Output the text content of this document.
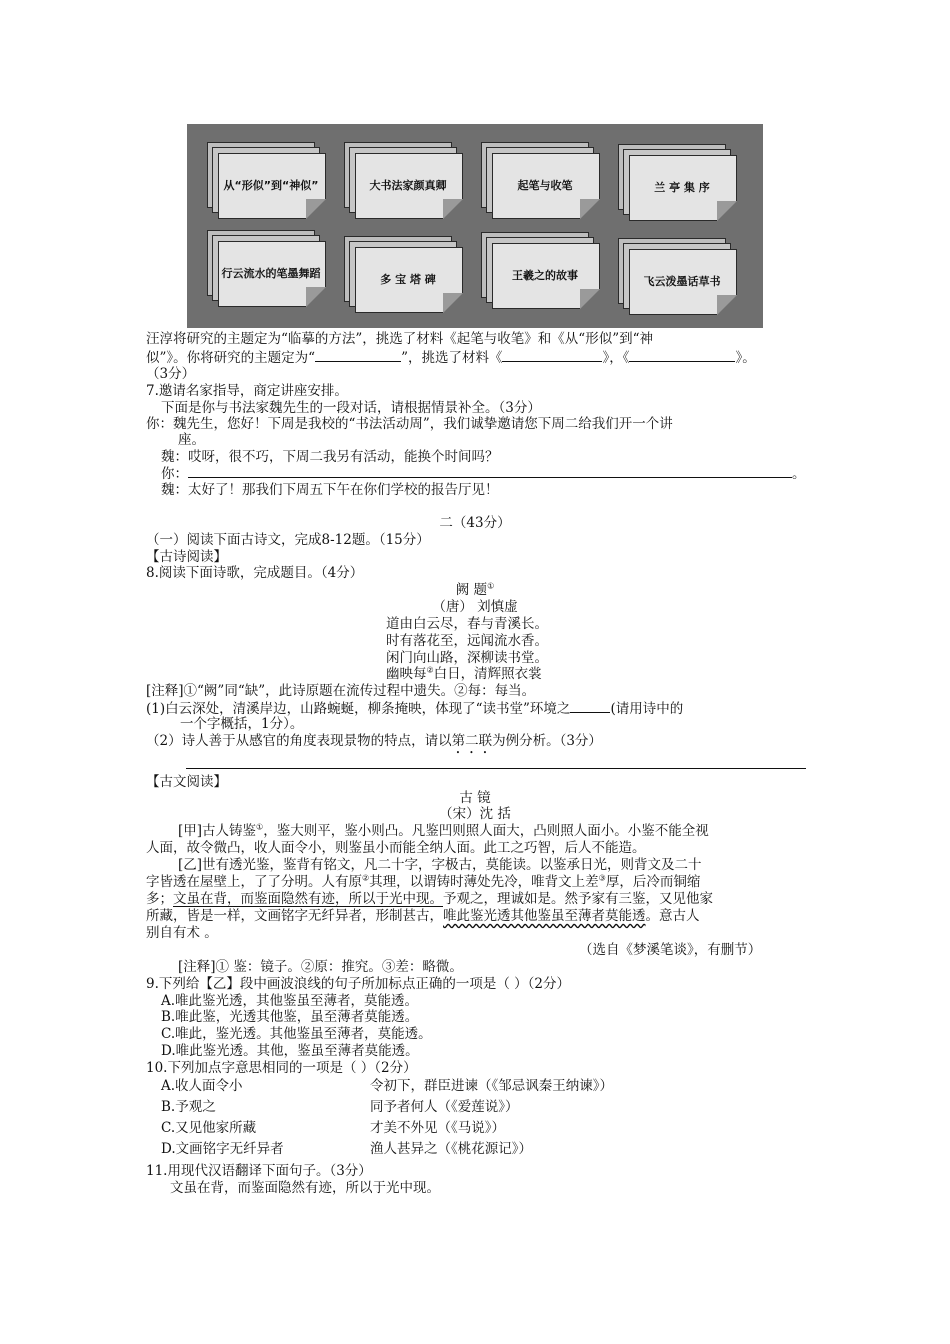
从“形似”到“神似”	大书法家颜真卿	起笔与收笔	兰 亭 集 序
行云流水的笔墨舞蹈	多 宝 塔 碑	王羲之的故事	飞云泼墨话草书
汪淳将研究的主题定为“临摹的方法”，挑选了材料《起笔与收笔》和《从“形似”到“神
似”》。你将研究的主题定为“	”，挑选了材料《	》，《	》。
（3分）
7.邀请名家指导，商定讲座安排。
下面是你与书法家魏先生的一段对话，请根据情景补全。（3分）
你：魏先生，您好！下周是我校的“书法活动周”，我们诚挚邀请您下周二给我们开一个讲
座。
魏：哎呀，很不巧，下周二我另有活动，能换个时间吗？
你：	。
魏：太好了！那我们下周五下午在你们学校的报告厅见！
二（43分）
（一）阅读下面古诗文，完成8-12题。（15分）
【古诗阅读】
8.阅读下面诗歌，完成题目。（4分）
阙 题①
（唐） 刘慎虚
道由白云尽，春与青溪长。
时有落花至，远闻流水香。
闲门向山路，深柳读书堂。
幽映每②白日，清辉照衣裳
[注释]①“阙”同“缺”，此诗原题在流传过程中遗失。②每：每当。
(1)白云深处，清溪岸边，山路蜿蜒，柳条掩映，体现了“读书堂”环境之	(请用诗中的
一个字概括，1分）。
（2）诗人善于从感官的角度表现景物的特点，请以第二联为例分析。（3分）
【古文阅读】
古 镜
（宋）沈 括
[甲]古人铸鉴①，鉴大则平，鉴小则凸。凡鉴凹则照人面大，凸则照人面小。小鉴不能全视
人面，故令微凸，收人面令小，则鉴虽小而能全纳人面。此工之巧智，后人不能造。
[乙]世有透光鉴，鉴背有铭文，凡二十字，字极古，莫能读。以鉴承日光，则背文及二十
字皆透在屋壁上，了了分明。人有原②其理，以谓铸时薄处先冷，唯背文上差③厚，后冷而铜缩
多；文虽在背，而鉴面隐然有迹，所以于光中现。予观之，理诚如是。然予家有三鉴，又见他家
所藏，皆是一样，文画铭字无纤异者，形制甚古，唯此鉴光透其他鉴虽至薄者莫能透。意古人
别自有术 。
（选自《梦溪笔谈》，有删节）
[注释]① 鉴：镜子。②原：推究。③差：略微。
9.下列给【乙】段中画波浪线的句子所加标点正确的一项是（ ）（2分）
A.唯此鉴光透，其他鉴虽至薄者，莫能透。
B.唯此鉴，光透其他鉴，虽至薄者莫能透。
C.唯此，鉴光透。其他鉴虽至薄者，莫能透。
D.唯此鉴光透。其他，鉴虽至薄者莫能透。
10.下列加点字意思相同的一项是（ ）（2分）
A.收人面令小	令初下，群臣进谏（《邹忌讽秦王纳谏》）
B.予观之	同予者何人（《爱莲说》）
C.又见他家所藏	才美不外见（《马说》）
D.文画铭字无纤异者	渔人甚异之（《桃花源记》）
11.用现代汉语翻译下面句子。（3分）
文虽在背，而鉴面隐然有迹，所以于光中现。
